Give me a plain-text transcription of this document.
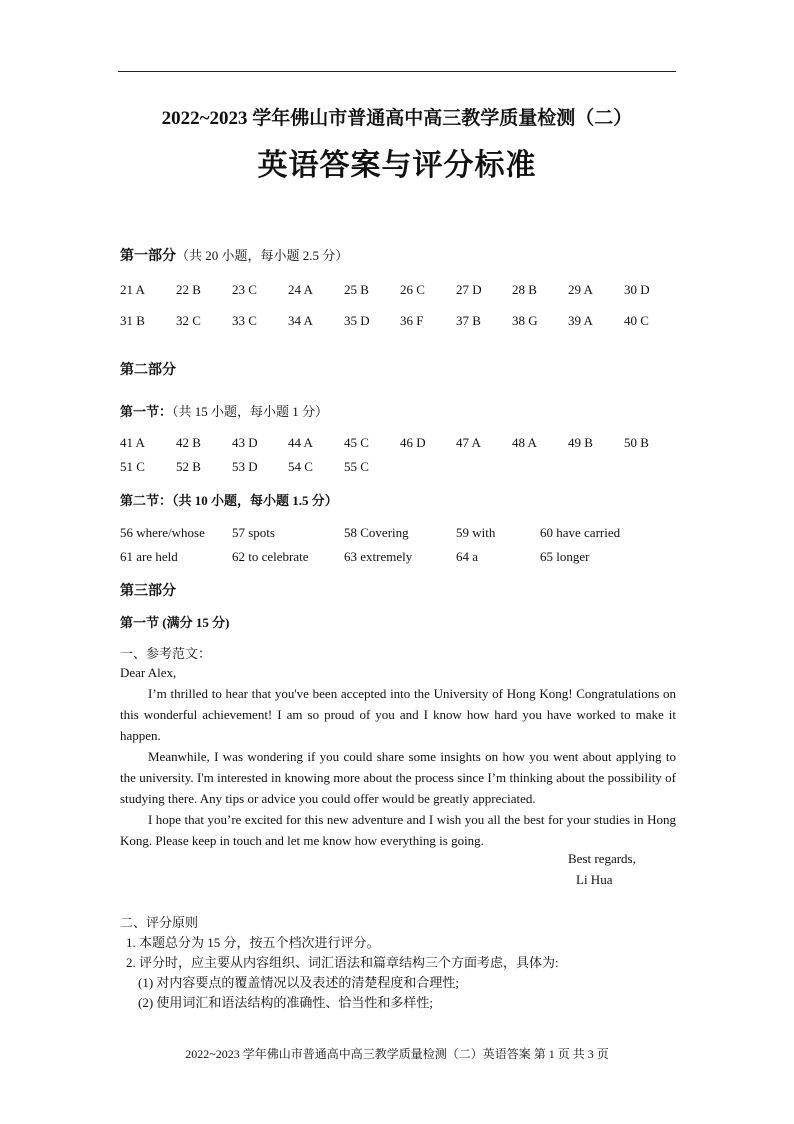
2022~2023 学年佛山市普通高中高三教学质量检测（二）
英语答案与评分标准
第一部分（共 20 小题，每小题 2.5 分）
21 A 22 B 23 C 24 A 25 B 26 C 27 D 28 B 29 A 30 D
31 B 32 C 33 C 34 A 35 D 36 F	37 B 38 G 39 A 40 C
第二部分
第一节：（共 15 小题，每小题 1 分）
41 A 42 B 43 D 44 A 45 C 46 D 47 A 48 A 49 B 50 B
51 C 52 B 53 D 54 C 55 C
第二节：（共 10 小题，每小题 1.5 分）
56 where/whose 57 spots	58 Covering	59 with	60 have carried
61 are held	62 to celebrate	63 extremely	64 a	65 longer
第三部分
第一节 (满分 15 分)
一、参考范文：

Dear Alex,

I’m thrilled to hear that you've been accepted into the University of Hong Kong! Congratulations on this wonderful achievement! I am so proud of you and I know how hard you have worked to make it happen.

Meanwhile, I was wondering if you could share some insights on how you went about applying to the university. I'm interested in knowing more about the process since I’m thinking about the possibility of studying there. Any tips or advice you could offer would be greatly appreciated.

I hope that you’re excited for this new adventure and I wish you all the best for your studies in Hong Kong. Please keep in touch and let me know how everything is going.

Best regards,
Li Hua
二、评分原则
1. 本题总分为 15 分，按五个档次进行评分。
2. 评分时，应主要从内容组织、词汇语法和篇章结构三个方面考虑，具体为:
(1) 对内容要点的覆盖情况以及表述的清楚程度和合理性;
(2) 使用词汇和语法结构的准确性、恰当性和多样性;
2022~2023 学年佛山市普通高中高三教学质量检测（二）英语答案 第 1 页 共 3 页
